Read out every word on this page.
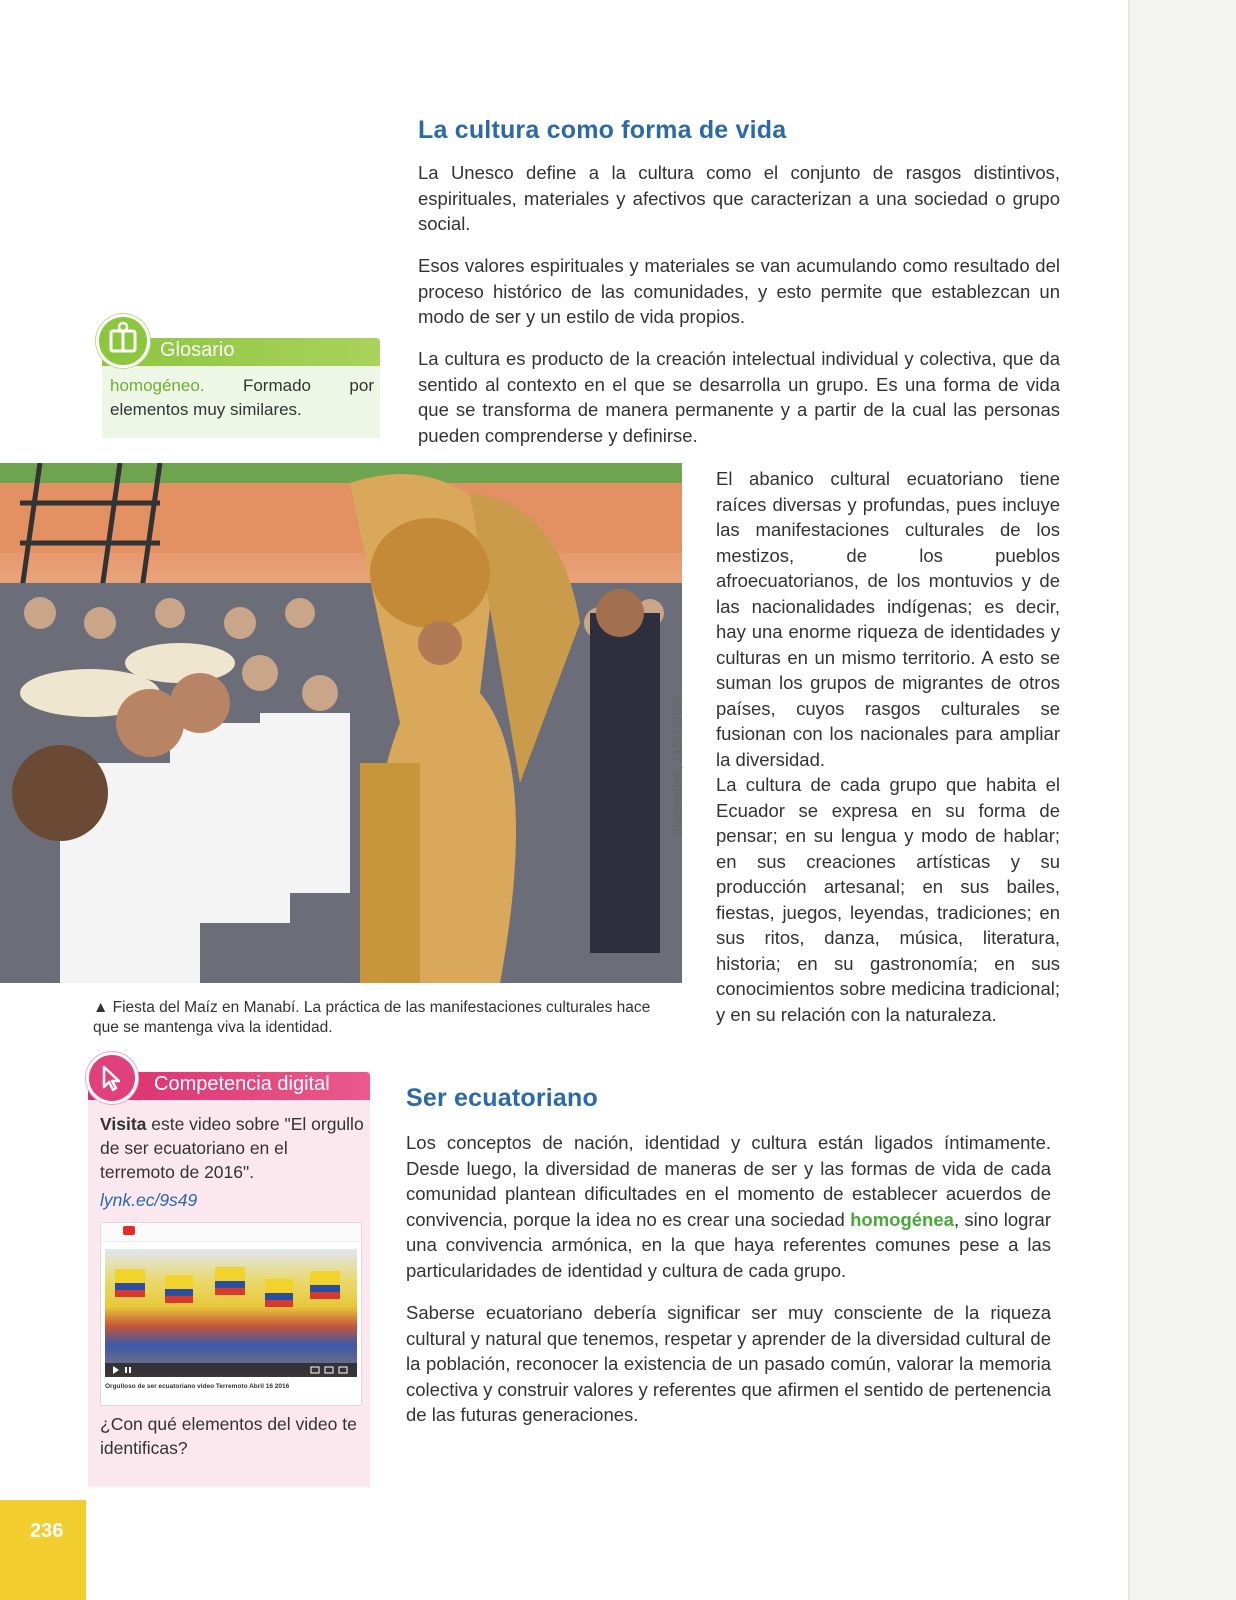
La cultura como forma de vida

La Unesco define a la cultura como el conjunto de rasgos distintivos, espirituales, materiales y afectivos que caracterizan a una sociedad o grupo social.

Esos valores espirituales y materiales se van acumulando como resultado del proceso histórico de las comunidades, y esto permite que establezcan un modo de ser y un estilo de vida propios.

La cultura es producto de la creación intelectual individual y colectiva, que da sentido al contexto en el que se desarrolla un grupo. Es una forma de vida que se transforma de manera permanente y a partir de la cual las personas pueden comprenderse y definirse.

El abanico cultural ecuatoriano tiene raíces diversas y profundas, pues incluye las manifestaciones culturales de los mestizos, de los pueblos afroecuatorianos, de los montuvios y de las nacionalidades indígenas; es decir, hay una enorme riqueza de identidades y culturas en un mismo territorio. A esto se suman los grupos de migrantes de otros países, cuyos rasgos culturales se fusionan con los nacionales para ampliar la diversidad.

La cultura de cada grupo que habita el Ecuador se expresa en su forma de pensar; en su lengua y modo de hablar; en sus creaciones artísticas y su producción artesanal; en sus bailes, fiestas, juegos, leyendas, tradiciones; en sus ritos, danza, música, literatura, historia; en su gastronomía; en sus conocimientos sobre medicina tradicional; y en su relación con la naturaleza.

Glosario
homogéneo. Formado por elementos muy similares.
Shutterstock, 1420778609.
▲ Fiesta del Maíz en Manabí. La práctica de las manifestaciones culturales hace que se mantenga viva la identidad.
Competencia digital
Visita este video sobre "El orgullo de ser ecuatoriano en el terremoto de 2016".
lynk.ec/9s49
Orgulloso de ser ecuatoriano video Terremoto Abril 16 2016
¿Con qué elementos del video te identificas?
Ser ecuatoriano

Los conceptos de nación, identidad y cultura están ligados íntimamente. Desde luego, la diversidad de maneras de ser y las formas de vida de cada comunidad plantean dificultades en el momento de establecer acuerdos de convivencia, porque la idea no es crear una sociedad homogénea, sino lograr una convivencia armónica, en la que haya referentes comunes pese a las particularidades de identidad y cultura de cada grupo.

Saberse ecuatoriano debería significar ser muy consciente de la riqueza cultural y natural que tenemos, respetar y aprender de la diversidad cultural de la población, reconocer la existencia de un pasado común, valorar la memoria colectiva y construir valores y referentes que afirmen el sentido de pertenencia de las futuras generaciones.

236
